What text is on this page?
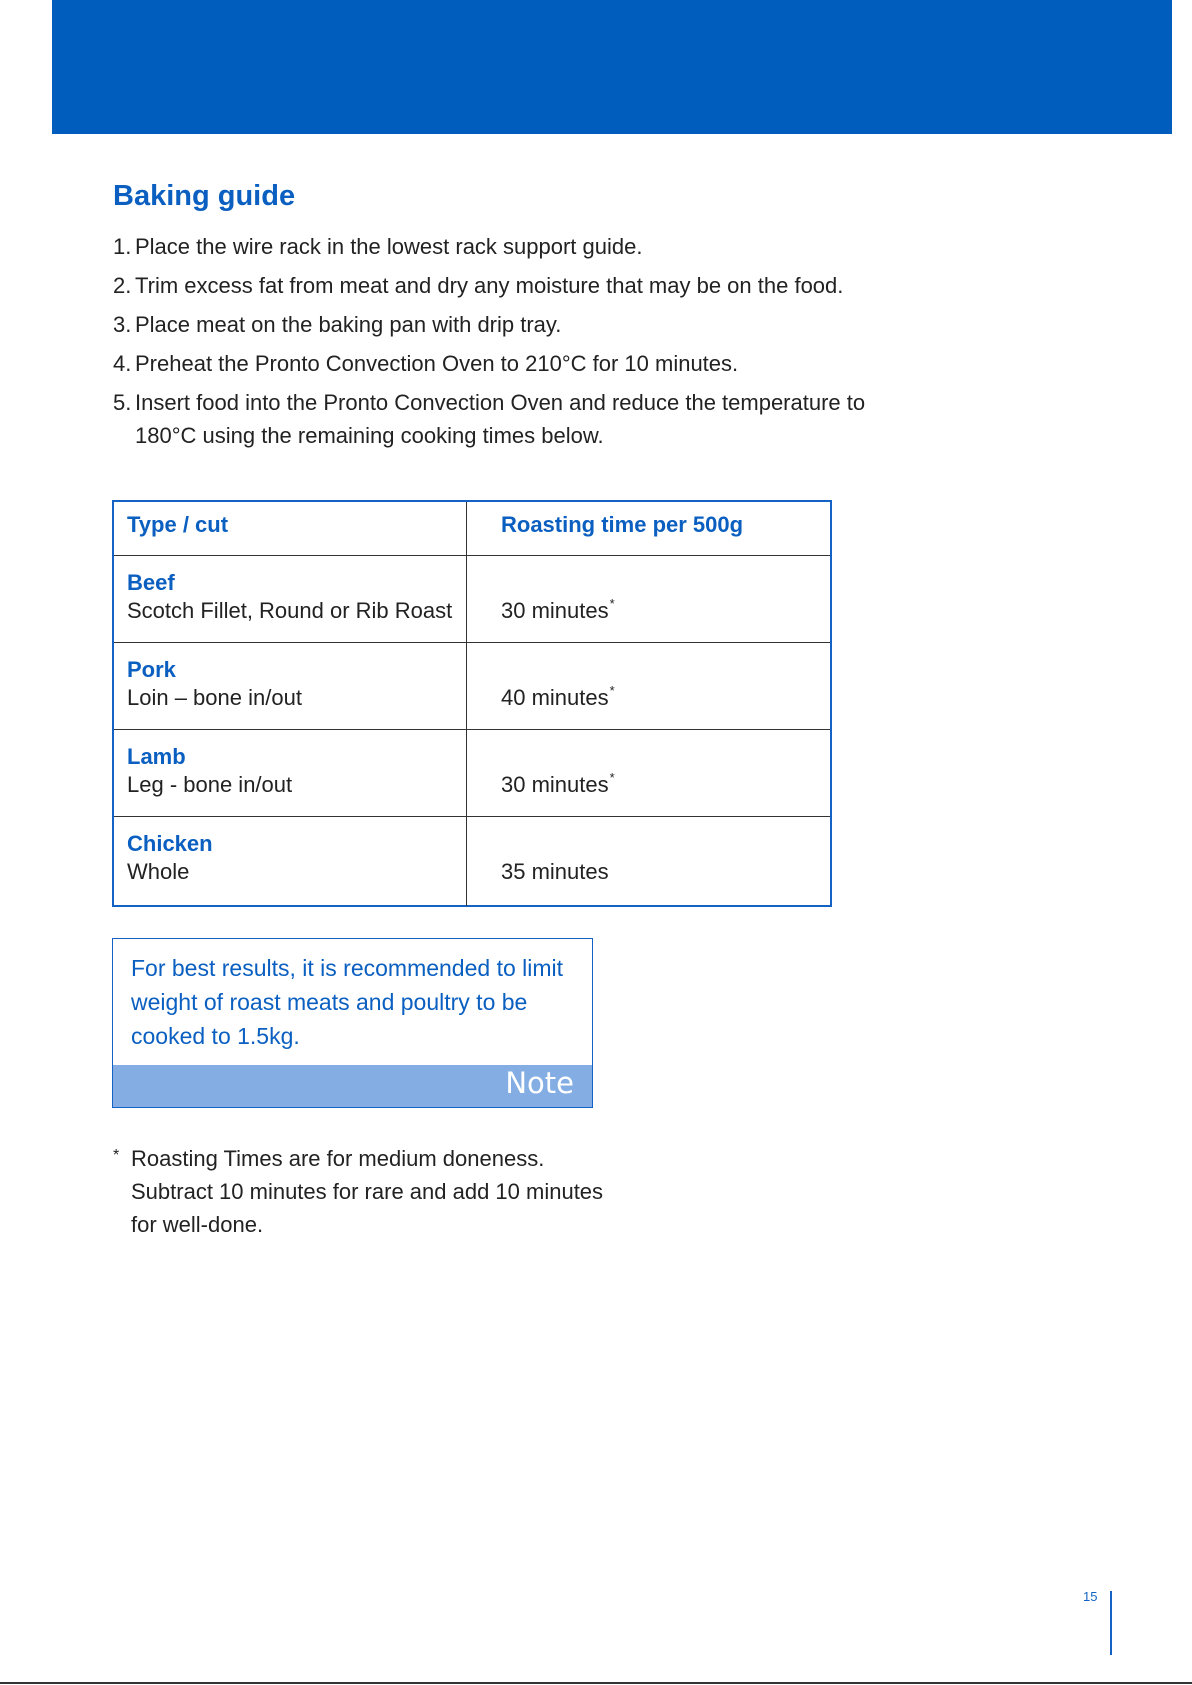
Baking guide
1. Place the wire rack in the lowest rack support guide.
2. Trim excess fat from meat and dry any moisture that may be on the food.
3. Place meat on the baking pan with drip tray.
4. Preheat the Pronto Convection Oven to 210°C for 10 minutes.
5. Insert food into the Pronto Convection Oven and reduce the temperature to 180°C using the remaining cooking times below.
Type / cut	Roasting time per 500g
Beef
Scotch Fillet, Round or Rib Roast 30 minutes*
Pork
Loin – bone in/out	40 minutes*
Lamb
Leg - bone in/out	30 minutes*
Chicken
Whole	35 minutes

For best results, it is recommended to limit weight of roast meats and poultry to be cooked to 1.5kg.

Note
* Roasting Times are for medium doneness. Subtract 10 minutes for rare and add 10 minutes for well-done.

15
